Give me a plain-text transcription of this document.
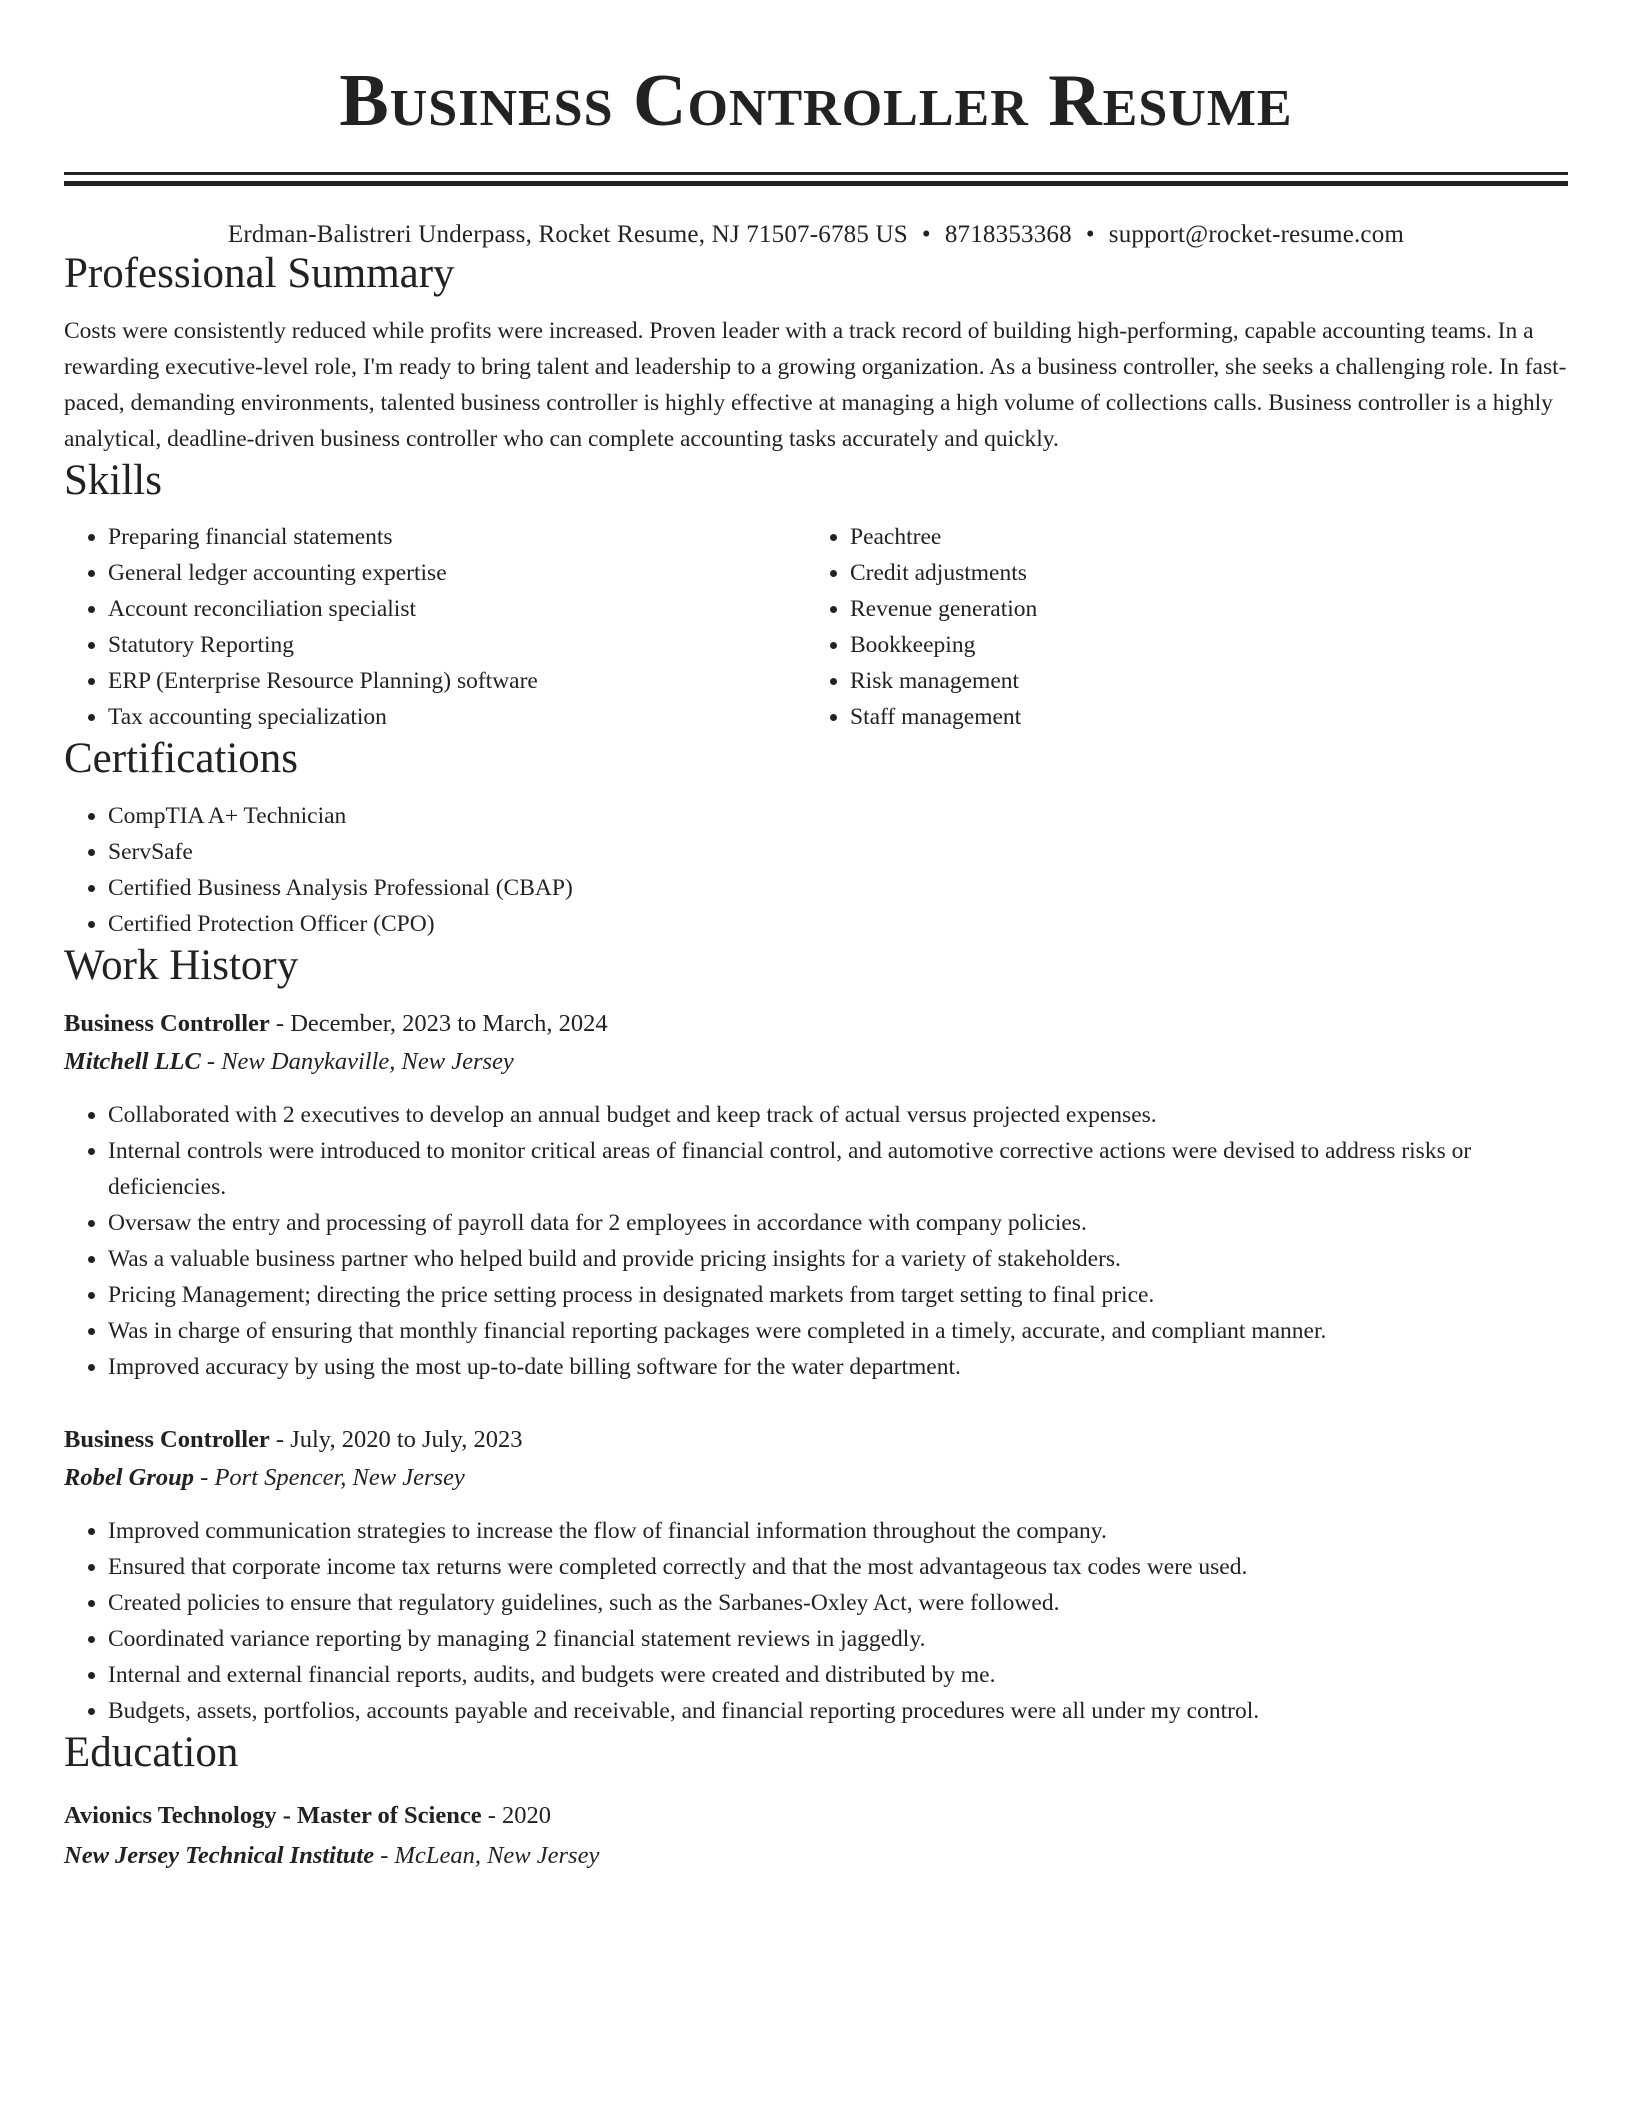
Business Controller Resume
Erdman-Balistreri Underpass, Rocket Resume, NJ 71507-6785 US • 8718353368 • support@rocket-resume.com
Professional Summary

Costs were consistently reduced while profits were increased. Proven leader with a track record of building high-performing, capable accounting teams. In a rewarding executive-level role, I'm ready to bring talent and leadership to a growing organization. As a business controller, she seeks a challenging role. In fast-paced, demanding environments, talented business controller is highly effective at managing a high volume of collections calls. Business controller is a highly analytical, deadline-driven business controller who can complete accounting tasks accurately and quickly.

Skills
• Preparing financial statements
• General ledger accounting expertise
• Account reconciliation specialist
• Statutory Reporting
• ERP (Enterprise Resource Planning) software
• Tax accounting specialization
• Peachtree
• Credit adjustments
• Revenue generation
• Bookkeeping
• Risk management
• Staff management
Certifications
• CompTIA A+ Technician
• ServSafe
• Certified Business Analysis Professional (CBAP)
• Certified Protection Officer (CPO)
Work History
Business Controller - December, 2023 to March, 2024
Mitchell LLC - New Danykaville, New Jersey
• Collaborated with 2 executives to develop an annual budget and keep track of actual versus projected expenses.
• Internal controls were introduced to monitor critical areas of financial control, and automotive corrective actions were devised to address risks or deficiencies.
• Oversaw the entry and processing of payroll data for 2 employees in accordance with company policies.
• Was a valuable business partner who helped build and provide pricing insights for a variety of stakeholders.
• Pricing Management; directing the price setting process in designated markets from target setting to final price.
• Was in charge of ensuring that monthly financial reporting packages were completed in a timely, accurate, and compliant manner.
• Improved accuracy by using the most up-to-date billing software for the water department.
Business Controller - July, 2020 to July, 2023
Robel Group - Port Spencer, New Jersey
• Improved communication strategies to increase the flow of financial information throughout the company.
• Ensured that corporate income tax returns were completed correctly and that the most advantageous tax codes were used.
• Created policies to ensure that regulatory guidelines, such as the Sarbanes-Oxley Act, were followed.
• Coordinated variance reporting by managing 2 financial statement reviews in jaggedly.
• Internal and external financial reports, audits, and budgets were created and distributed by me.
• Budgets, assets, portfolios, accounts payable and receivable, and financial reporting procedures were all under my control.
Education
Avionics Technology - Master of Science - 2020
New Jersey Technical Institute - McLean, New Jersey
